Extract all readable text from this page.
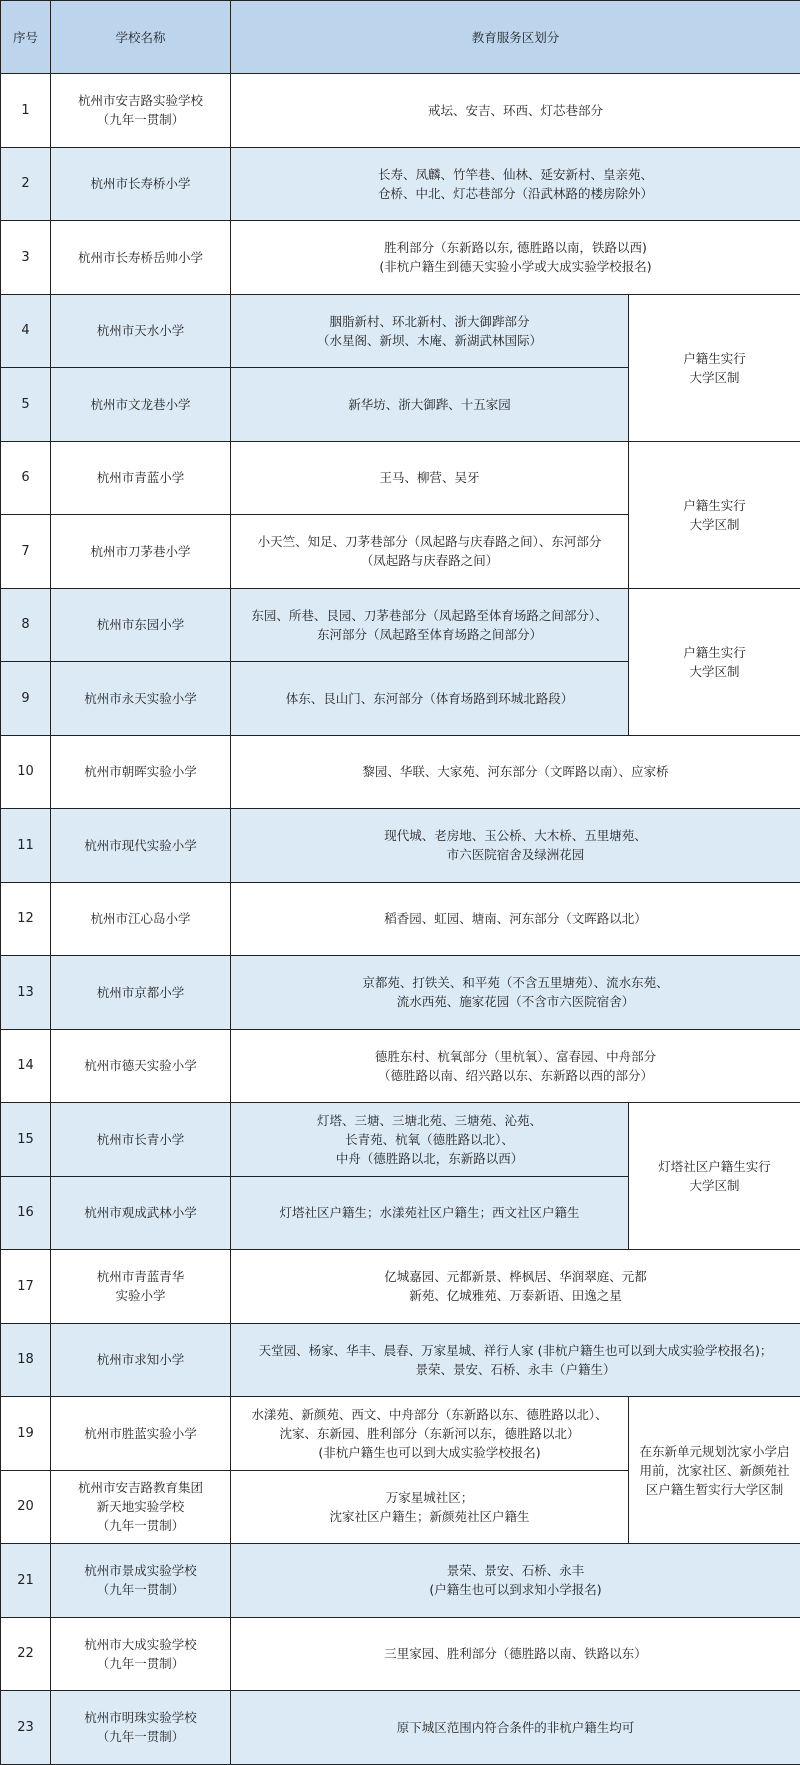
序号	学校名称	教育服务区划分	
1	杭州市安吉路实验学校
（九年一贯制）	戒坛、安吉、环西、灯芯巷部分	
2	杭州市长寿桥小学	长寿、凤麟、竹竿巷、仙林、延安新村、皇亲苑、
仓桥、中北、灯芯巷部分（沿武林路的楼房除外）	
3	杭州市长寿桥岳帅小学	胜利部分（东新路以东, 德胜路以南，铁路以西)
(非杭户籍生到德天实验小学或大成实验学校报名)	
4	杭州市天水小学	胭脂新村、环北新村、浙大御跸部分
（水星阁、新坝、木庵、新湖武林国际）	户籍生实行
大学区制
5	杭州市文龙巷小学	新华坊、浙大御跸、十五家园	
6	杭州市青蓝小学	王马、柳营、吴牙	户籍生实行
大学区制
7	杭州市刀茅巷小学	小天竺、知足、刀茅巷部分（凤起路与庆春路之间）、东河部分
（凤起路与庆春路之间）	
8	杭州市东园小学	东园、所巷、艮园、刀茅巷部分（凤起路至体育场路之间部分）、
东河部分（凤起路至体育场路之间部分）	户籍生实行
大学区制
9	杭州市永天实验小学	体东、艮山门、东河部分（体育场路到环城北路段）	
10	杭州市朝晖实验小学	黎园、华联、大家苑、河东部分（文晖路以南）、应家桥	
11	杭州市现代实验小学	现代城、老房地、玉公桥、大木桥、五里塘苑、
市六医院宿舍及绿洲花园	
12	杭州市江心岛小学	稻香园、虹园、塘南、河东部分（文晖路以北）	
13	杭州市京都小学	京都苑、打铁关、和平苑（不含五里塘苑）、流水东苑、
流水西苑、施家花园（不含市六医院宿舍）	
14	杭州市德天实验小学	德胜东村、杭氧部分（里杭氧）、富春园、中舟部分
（德胜路以南、绍兴路以东、东新路以西的部分）	
15	杭州市长青小学	灯塔、三塘、三塘北苑、三塘苑、沁苑、
长青苑、杭氧（德胜路以北）、
中舟（德胜路以北，东新路以西）	灯塔社区户籍生实行
大学区制
16	杭州市观成武林小学	灯塔社区户籍生；水漾苑社区户籍生；西文社区户籍生	
17	杭州市青蓝青华
实验小学	亿城嘉园、元都新景、桦枫居、华润翠庭、元都
新苑、亿城雅苑、万泰新语、田逸之星	
18	杭州市求知小学	天堂园、杨家、华丰、晨春、万家星城、祥行人家 (非杭户籍生也可以到大成实验学校报名)；
景荣、景安、石桥、永丰（户籍生）	
19	杭州市胜蓝实验小学	水漾苑、新颜苑、西文、中舟部分（东新路以东、德胜路以北）、
沈家、东新园、胜利部分（东新河以东，德胜路以北）
(非杭户籍生也可以到大成实验学校报名)	在东新单元规划沈家小学启
用前，沈家社区、新颜苑社
区户籍生暂实行大学区制
20	杭州市安吉路教育集团
新天地实验学校
（九年一贯制）	万家星城社区；
沈家社区户籍生；新颜苑社区户籍生	
21	杭州市景成实验学校
（九年一贯制）	景荣、景安、石桥、永丰
(户籍生也可以到求知小学报名)	
22	杭州市大成实验学校
（九年一贯制）	三里家园、胜利部分（德胜路以南、铁路以东）	
23	杭州市明珠实验学校
（九年一贯制）	原下城区范围内符合条件的非杭户籍生均可	
